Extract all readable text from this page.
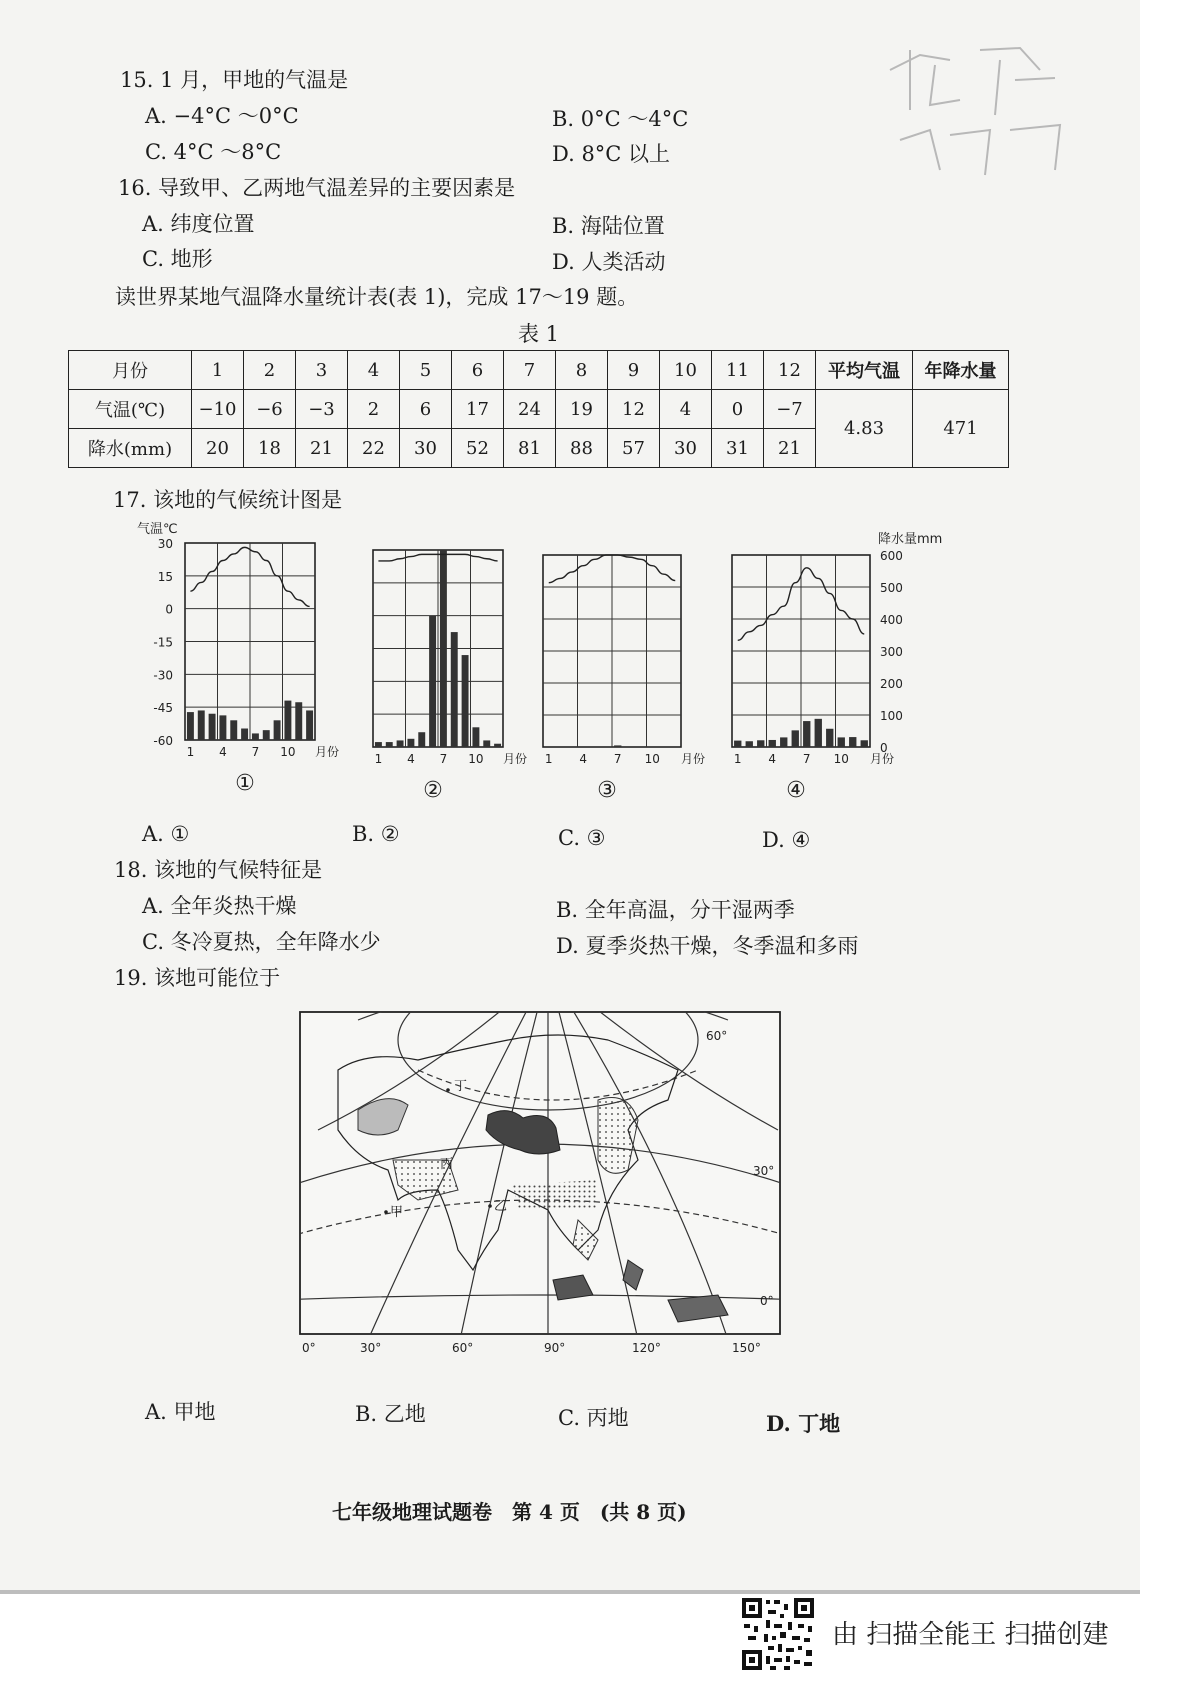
15. 1 月，甲地的气温是
A. −4°C ～0°C	B. 0°C ～4°C
C. 4°C ～8°C	D. 8°C 以上
16. 导致甲、乙两地气温差异的主要因素是
A. 纬度位置	B. 海陆位置
C. 地形	D. 人类活动
读世界某地气温降水量统计表(表 1)，完成 17～19 题。
表 1
月份	1	2	3	4	5	6	7	8	9	10	11	12	平均气温	年降水量
气温(℃)	−10	−6	−3	2	6	17	24	19	12	4	0	−7	4.83	471
降水(mm)	20	18	21	22	30	52	81	88	57	30	31	21		
17. 该地的气候统计图是
1 4 7 10 月份
①
气温℃
30
15
0
-15
-30
-45
-60
1 4 7 10 月份
②
1 4 7 10 月份
③
1 4 7 10 月份
④
降水量mm
600
500
400
300
200
100
0
A. ①	B. ②	C. ③	D. ④
18. 该地的气候特征是
A. 全年炎热干燥	B. 全年高温，分干湿两季
C. 冬冷夏热，全年降水少	D. 夏季炎热干燥，冬季温和多雨
19. 该地可能位于
丁
甲	乙
丙
60°
30°
0°
0°	30°	60°	90°	120°	150°
A. 甲地	B. 乙地	C. 丙地	D. 丁地
七年级地理试题卷　第 4 页　(共 8 页)
由 扫描全能王 扫描创建
